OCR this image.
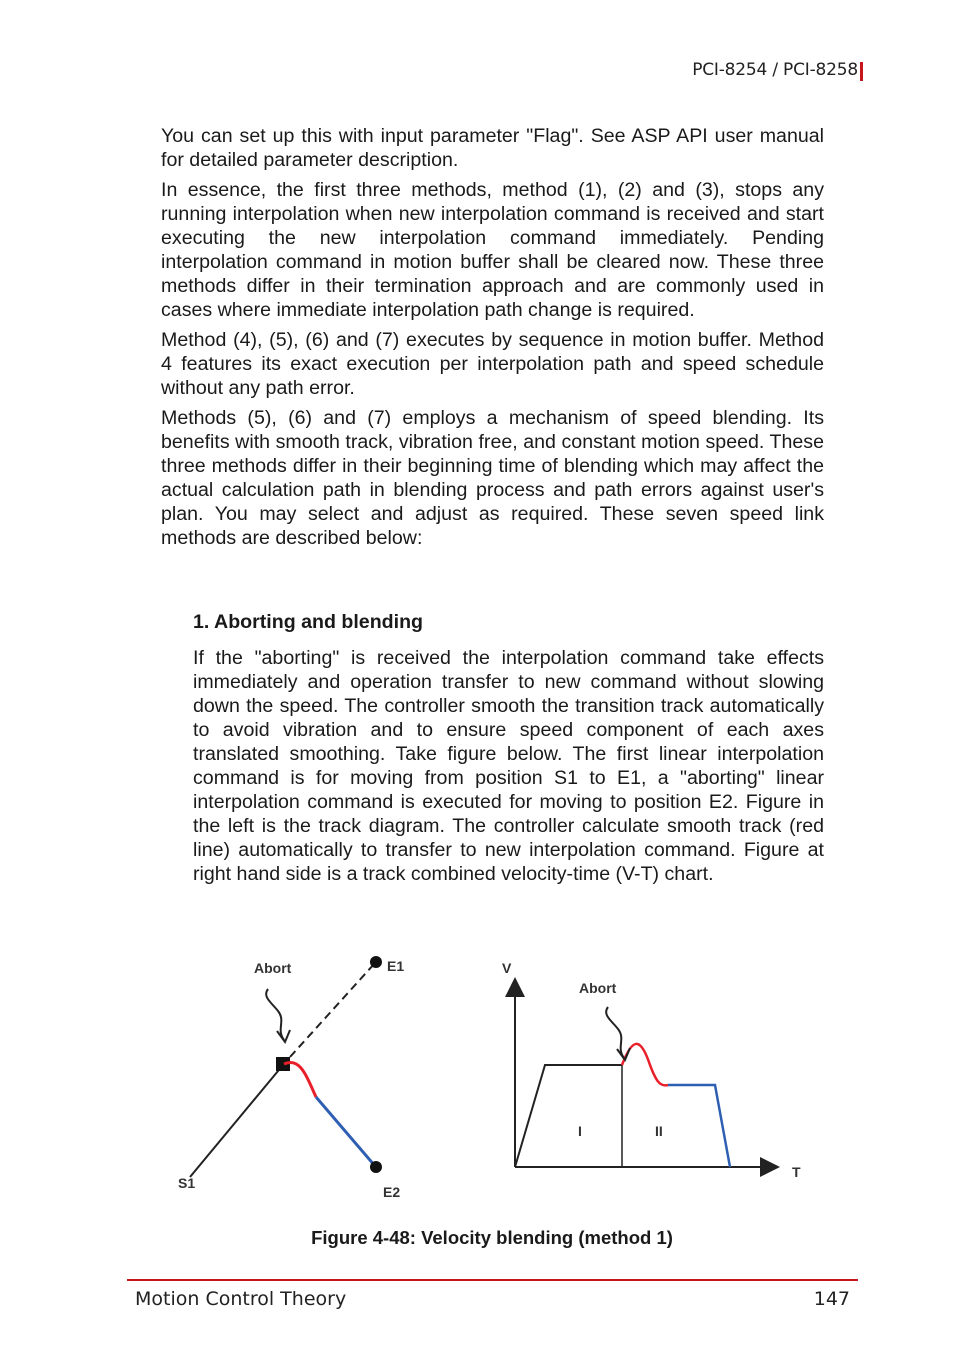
PCI-8254 / PCI-8258

You can set up this with input parameter "Flag". See ASP API user manual for detailed parameter description.

In essence, the first three methods, method (1), (2) and (3), stops any running interpolation when new interpolation command is received and start executing the new interpolation command immediately. Pending interpolation command in motion buffer shall be cleared now. These three methods differ in their termination approach and are commonly used in cases where immediate interpolation path change is required.

Method (4), (5), (6) and (7) executes by sequence in motion buffer. Method 4 features its exact execution per interpolation path and speed schedule without any path error.

Methods (5), (6) and (7) employs a mechanism of speed blending. Its benefits with smooth track, vibration free, and constant motion speed. These three methods differ in their beginning time of blending which may affect the actual calculation path in blending process and path errors against user's plan. You may select and adjust as required. These seven speed link methods are described below:

1. Aborting and blending
If the "aborting" is received the interpolation command take effects immediately and operation transfer to new command without slowing down the speed. The controller smooth the transition track automatically to avoid vibration and to ensure speed component of each axes translated smoothing. Take figure below. The first linear interpolation command is for moving from position S1 to E1, a "aborting" linear interpolation command is executed for moving to position E2. Figure in the left is the track diagram. The controller calculate smooth track (red line) automatically to transfer to new interpolation command. Figure at right hand side is a track combined velocity-time (V-T) chart.
Abort	E1
S1
E2
V
T
Abort
I	II
Figure 4-48: Velocity blending (method 1)
Motion Control Theory	147
